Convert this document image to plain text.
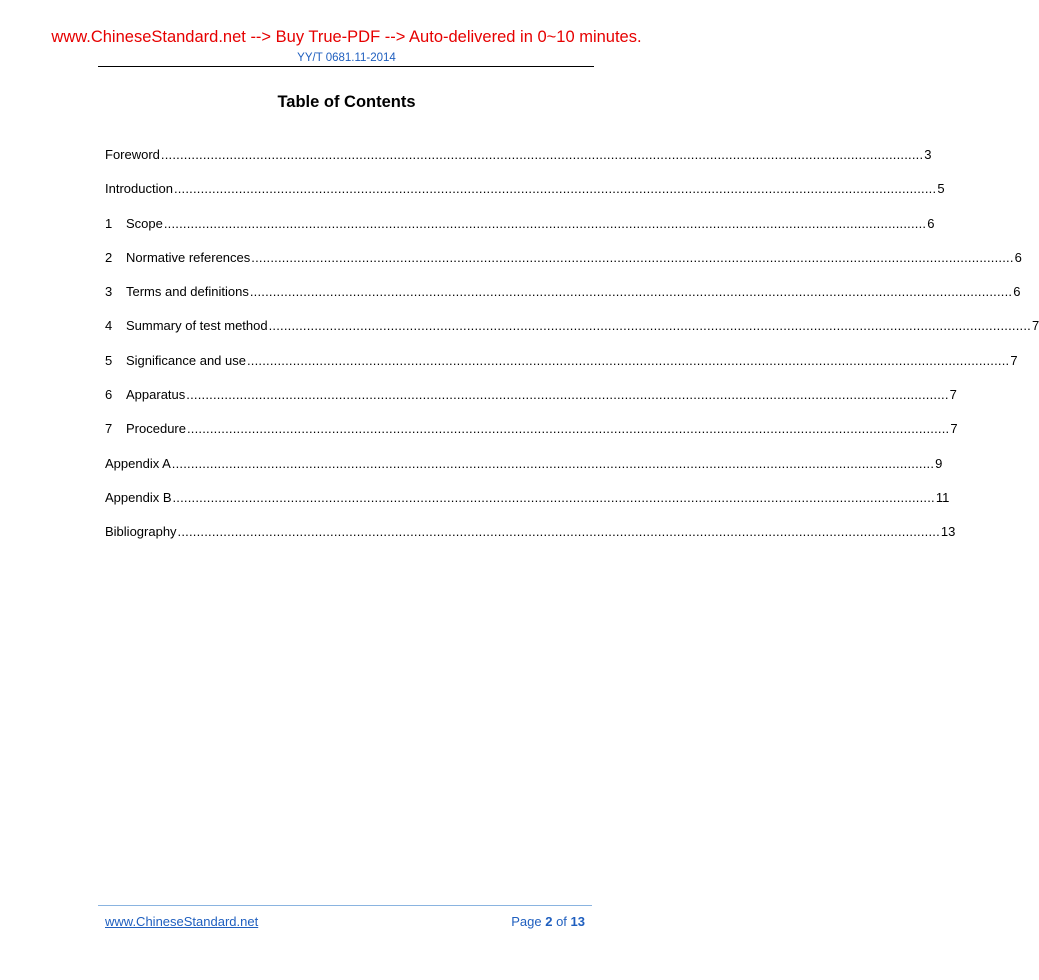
www.ChineseStandard.net --> Buy True-PDF --> Auto-delivered in 0~10 minutes.
YY/T 0681.11-2014
Table of Contents
Foreword ........................................................................................................................................................................................................ 3
Introduction ........................................................................................................................................................................................................ 5
1	Scope ........................................................................................................................................................................................................ 6
2	Normative references ........................................................................................................................................................................................................ 6
3	Terms and definitions ........................................................................................................................................................................................................ 6
4	Summary of test method ........................................................................................................................................................................................................ 7
5	Significance and use ........................................................................................................................................................................................................ 7
6	Apparatus ........................................................................................................................................................................................................ 7
7	Procedure ........................................................................................................................................................................................................ 7
Appendix A ........................................................................................................................................................................................................ 9
Appendix B ........................................................................................................................................................................................................ 11
Bibliography ........................................................................................................................................................................................................ 13
www.ChineseStandard.net	Page 2 of 13
